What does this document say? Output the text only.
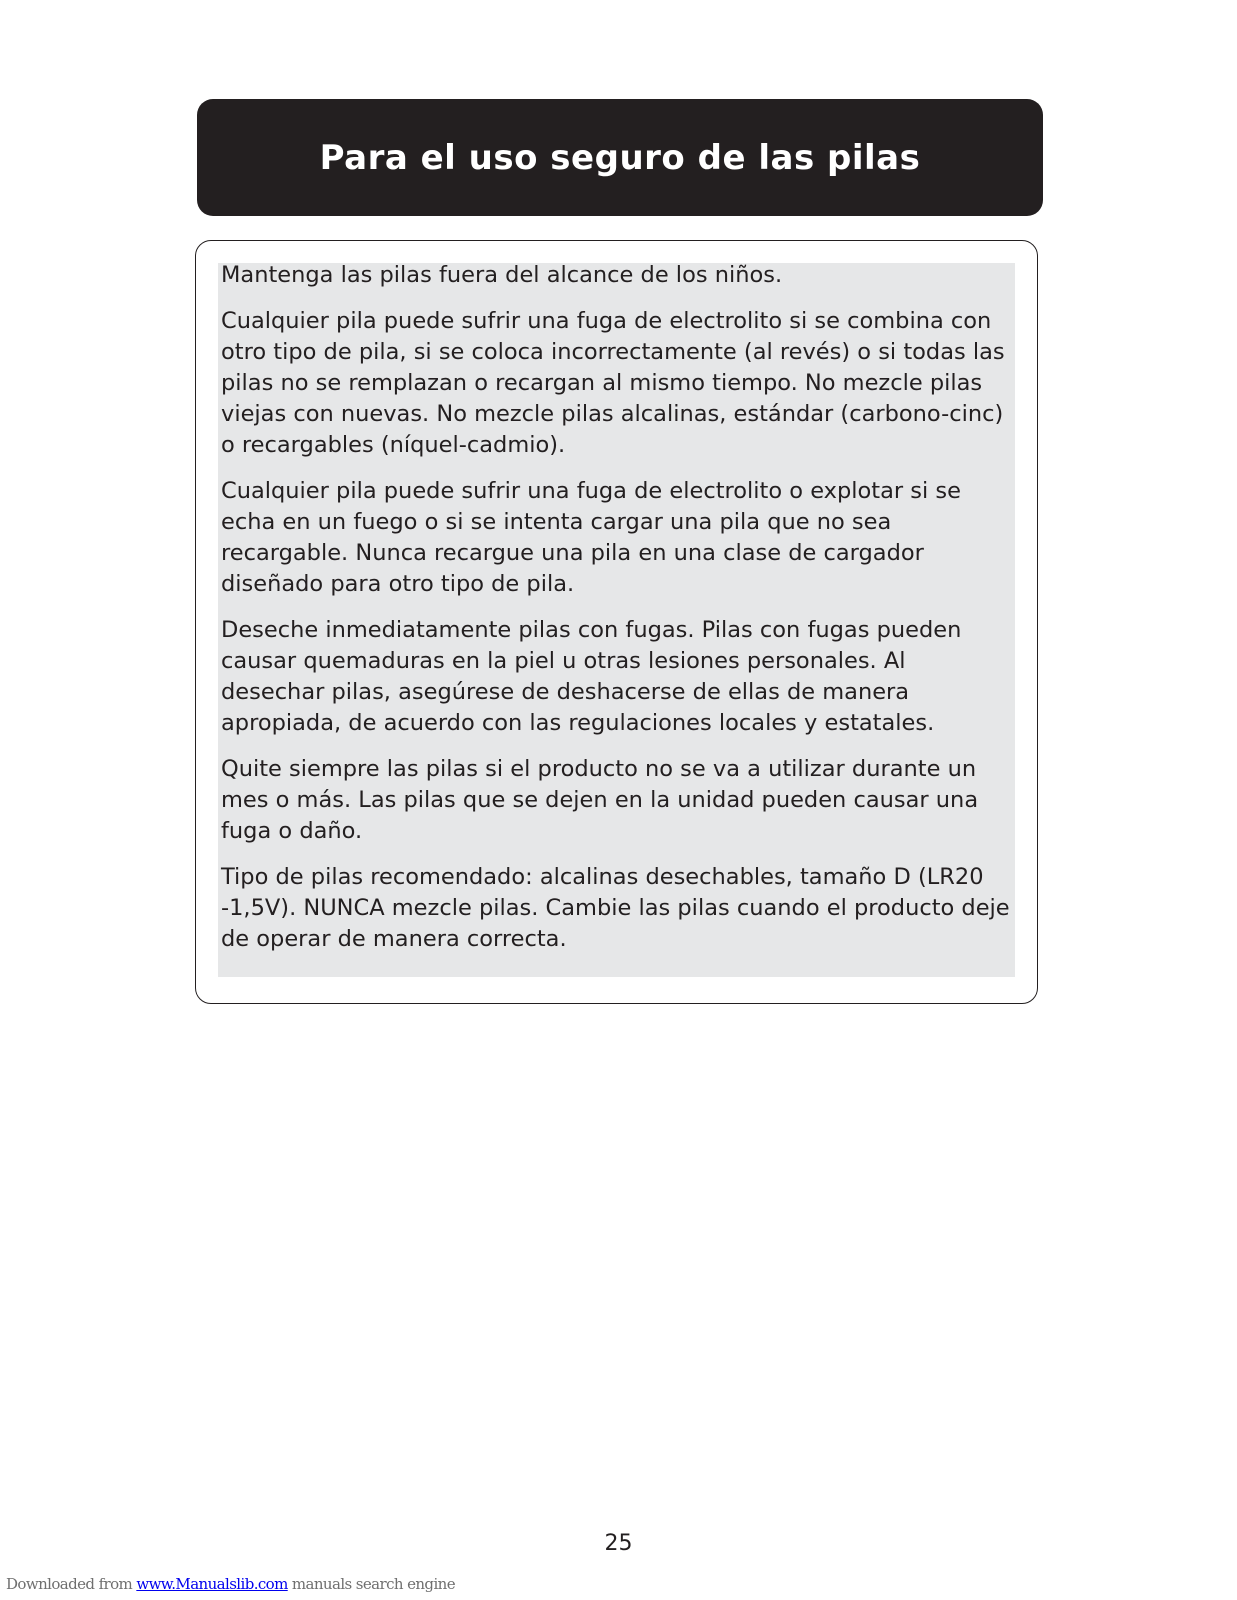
Para el uso seguro de las pilas

Mantenga las pilas fuera del alcance de los niños.

Cualquier pila puede sufrir una fuga de electrolito si se combina con otro tipo de pila, si se coloca incorrectamente (al revés) o si todas las pilas no se remplazan o recargan al mismo tiempo. No mezcle pilas viejas con nuevas. No mezcle pilas alcalinas, estándar (carbono-cinc) o recargables (níquel-cadmio).

Cualquier pila puede sufrir una fuga de electrolito o explotar si se echa en un fuego o si se intenta cargar una pila que no sea recargable. Nunca recargue una pila en una clase de cargador diseñado para otro tipo de pila.

Deseche inmediatamente pilas con fugas. Pilas con fugas pueden causar quemaduras en la piel u otras lesiones personales. Al desechar pilas, asegúrese de deshacerse de ellas de manera apropiada, de acuerdo con las regulaciones locales y estatales.

Quite siempre las pilas si el producto no se va a utilizar durante un mes o más. Las pilas que se dejen en la unidad pueden causar una fuga o daño.

Tipo de pilas recomendado: alcalinas desechables, tamaño D (LR20 -1,5V). NUNCA mezcle pilas. Cambie las pilas cuando el producto deje de operar de manera correcta.

25
Downloaded from www.Manualslib.com manuals search engine
